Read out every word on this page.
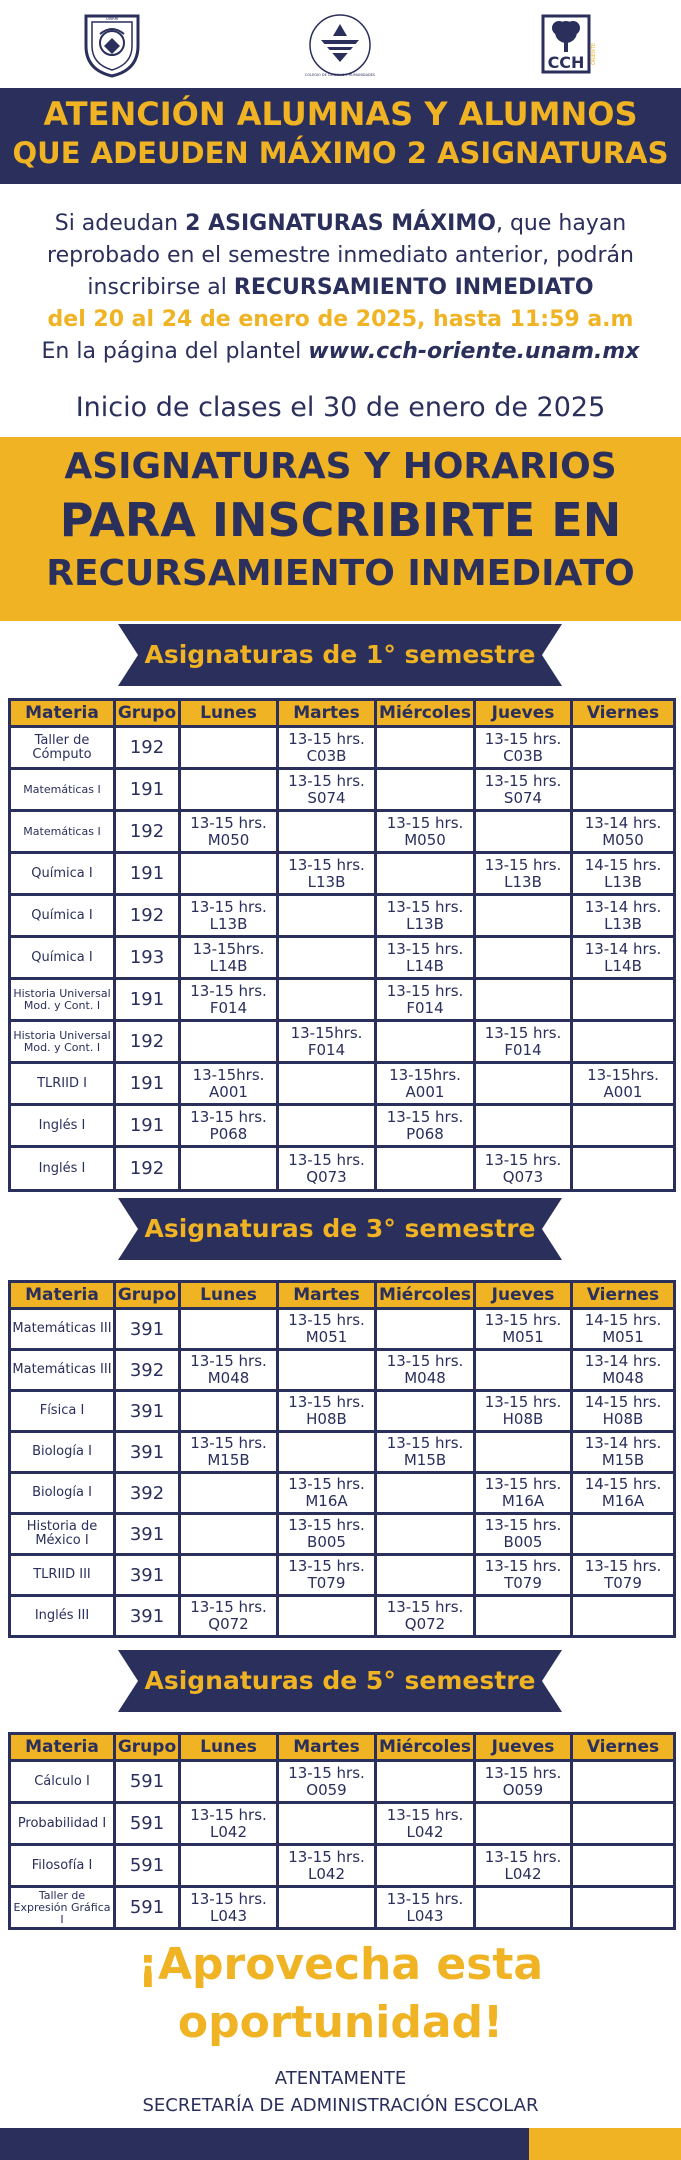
UNAM
COLEGIO DE CIENCIAS Y HUMANIDADES
CCH ORIENTE
ATENCIÓN ALUMNAS Y ALUMNOS
QUE ADEUDEN MÁXIMO 2 ASIGNATURAS
Si adeudan 2 ASIGNATURAS MÁXIMO, que hayan
reprobado en el semestre inmediato anterior, podrán
inscribirse al RECURSAMIENTO INMEDIATO
del 20 al 24 de enero de 2025, hasta 11:59 a.m
En la página del plantel www.cch-oriente.unam.mx
Inicio de clases el 30 de enero de 2025
ASIGNATURAS Y HORARIOS
PARA INSCRIBIRTE EN
RECURSAMIENTO INMEDIATO
Asignaturas de 1° semestre
Materia	Grupo	Lunes	Martes	Miércoles	Jueves	Viernes
Taller de Cómputo	192		13-15 hrs. C03B		13-15 hrs. C03B	
Matemáticas I	191		13-15 hrs. S074		13-15 hrs. S074	
Matemáticas I	192	13-15 hrs. M050		13-15 hrs. M050		13-14 hrs. M050
Química I	191		13-15 hrs. L13B		13-15 hrs. L13B	14-15 hrs. L13B
Química I	192	13-15 hrs. L13B		13-15 hrs. L13B		13-14 hrs. L13B
Química I	193	13-15hrs. L14B		13-15 hrs. L14B		13-14 hrs. L14B
Historia Universal Mod. y Cont. I	191	13-15 hrs. F014		13-15 hrs. F014		
Historia Universal Mod. y Cont. I	192		13-15hrs. F014		13-15 hrs. F014	
TLRIID I	191	13-15hrs. A001		13-15hrs. A001		13-15hrs. A001
Inglés I	191	13-15 hrs. P068		13-15 hrs. P068		
Inglés I	192		13-15 hrs. Q073		13-15 hrs. Q073	
Asignaturas de 3° semestre
Materia	Grupo	Lunes	Martes	Miércoles	Jueves	Viernes
Matemáticas III	391		13-15 hrs. M051		13-15 hrs. M051	14-15 hrs. M051
Matemáticas III	392	13-15 hrs. M048		13-15 hrs. M048		13-14 hrs. M048
Física I	391		13-15 hrs. H08B		13-15 hrs. H08B	14-15 hrs. H08B
Biología I	391	13-15 hrs. M15B		13-15 hrs. M15B		13-14 hrs. M15B
Biología I	392		13-15 hrs. M16A		13-15 hrs. M16A	14-15 hrs. M16A
Historia de México I	391		13-15 hrs. B005		13-15 hrs. B005	
TLRIID III	391		13-15 hrs. T079		13-15 hrs. T079	13-15 hrs. T079
Inglés III	391	13-15 hrs. Q072		13-15 hrs. Q072		
Asignaturas de 5° semestre
Materia	Grupo	Lunes	Martes	Miércoles	Jueves	Viernes
Cálculo I	591		13-15 hrs. O059		13-15 hrs. O059	
Probabilidad I	591	13-15 hrs. L042		13-15 hrs. L042		
Filosofía I	591		13-15 hrs. L042		13-15 hrs. L042	
Taller de Expresión Gráfica I	591	13-15 hrs. L043		13-15 hrs. L043		
¡Aprovecha esta
oportunidad!
ATENTAMENTE
SECRETARÍA DE ADMINISTRACIÓN ESCOLAR
